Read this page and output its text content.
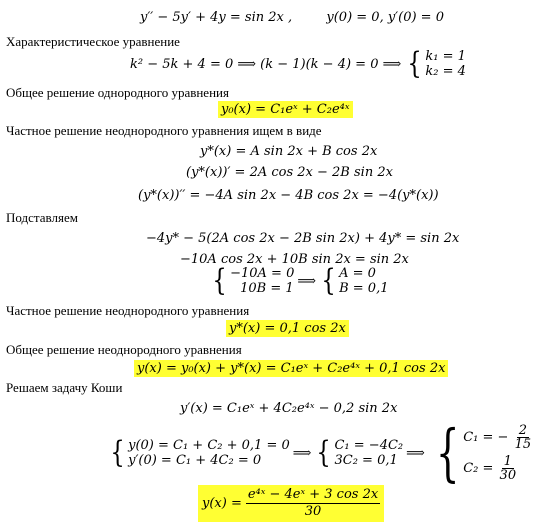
y′′ − 5y′ + 4y = sin 2x ,	y(0) = 0, y′(0) = 0
Характеристическое уравнение
k² − 5k + 4 = 0 ⟹ (k − 1)(k − 4) = 0 ⟹ { k₁ = 1
k₂ = 4
Общее решение однородного уравнения
y₀(x) = C₁eˣ + C₂e⁴ˣ
Частное решение неоднородного уравнения ищем в виде
y*(x) = A sin 2x + B cos 2x
(y*(x))′ = 2A cos 2x − 2B sin 2x
(y*(x))′′ = −4A sin 2x − 4B cos 2x = −4(y*(x))
Подставляем
−4y* − 5(2A cos 2x − 2B sin 2x) + 4y* = sin 2x
−10A cos 2x + 10B sin 2x = sin 2x
{ −10A = 0
10B = 1 ⟹ { A = 0
B = 0,1
Частное решение неоднородного уравнения
y*(x) = 0,1 cos 2x
Общее решение неоднородного уравнения
y(x) = y₀(x) + y*(x) = C₁eˣ + C₂e⁴ˣ + 0,1 cos 2x
Решаем задачу Коши
y′(x) = C₁eˣ + 4C₂e⁴ˣ − 0,2 sin 2x
{ y(0) = C₁ + C₂ + 0,1 = 0
y′(0) = C₁ + 4C₂ = 0	⟹ { C₁ = −4C₂
3C₂ = 0,1 ⟹ { C₁ = − $\frac{2}{15}$
$C_2 = \frac{1}{30}$
$y(x) = \frac{\text{e⁴ˣ − 4eˣ + 3 cos 2x}}{30}$
